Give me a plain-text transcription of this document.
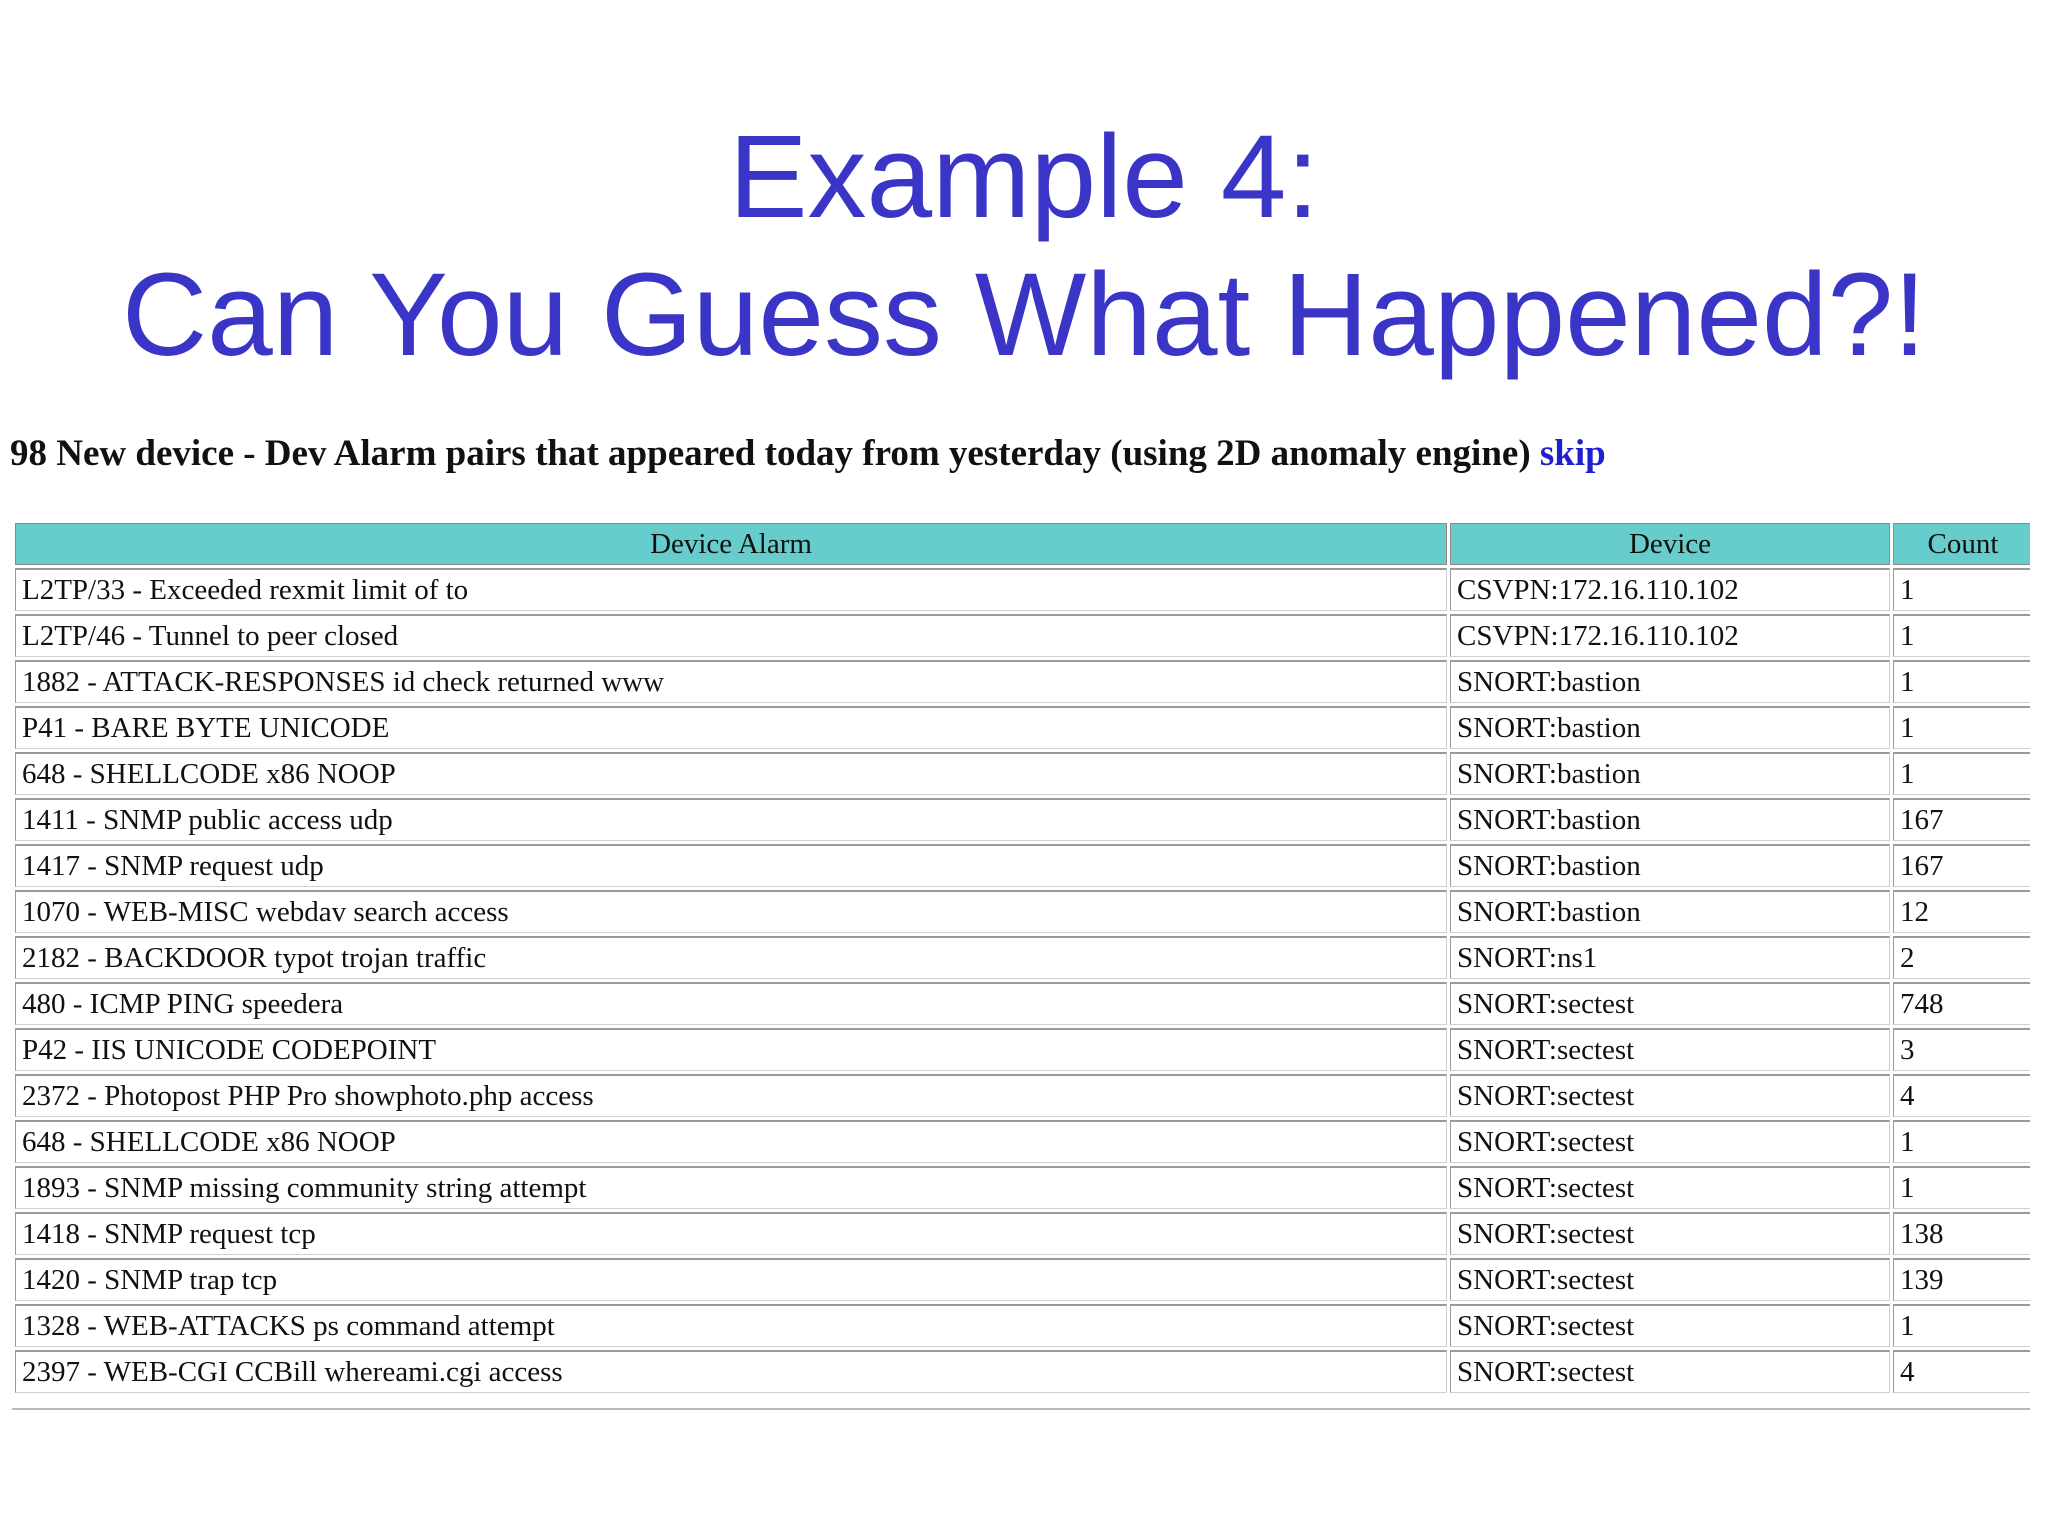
Example 4:
Can You Guess What Happened?!
98 New device - Dev Alarm pairs that appeared today from yesterday (using 2D anomaly engine) skip
Device Alarm	Device	Count
L2TP/33 - Exceeded rexmit limit of to	CSVPN:172.16.110.102	1
L2TP/46 - Tunnel to peer closed	CSVPN:172.16.110.102	1
1882 - ATTACK-RESPONSES id check returned www	SNORT:bastion	1
P41 - BARE BYTE UNICODE	SNORT:bastion	1
648 - SHELLCODE x86 NOOP	SNORT:bastion	1
1411 - SNMP public access udp	SNORT:bastion	167
1417 - SNMP request udp	SNORT:bastion	167
1070 - WEB-MISC webdav search access	SNORT:bastion	12
2182 - BACKDOOR typot trojan traffic	SNORT:ns1	2
480 - ICMP PING speedera	SNORT:sectest	748
P42 - IIS UNICODE CODEPOINT	SNORT:sectest	3
2372 - Photopost PHP Pro showphoto.php access	SNORT:sectest	4
648 - SHELLCODE x86 NOOP	SNORT:sectest	1
1893 - SNMP missing community string attempt	SNORT:sectest	1
1418 - SNMP request tcp	SNORT:sectest	138
1420 - SNMP trap tcp	SNORT:sectest	139
1328 - WEB-ATTACKS ps command attempt	SNORT:sectest	1
2397 - WEB-CGI CCBill whereami.cgi access	SNORT:sectest	4
